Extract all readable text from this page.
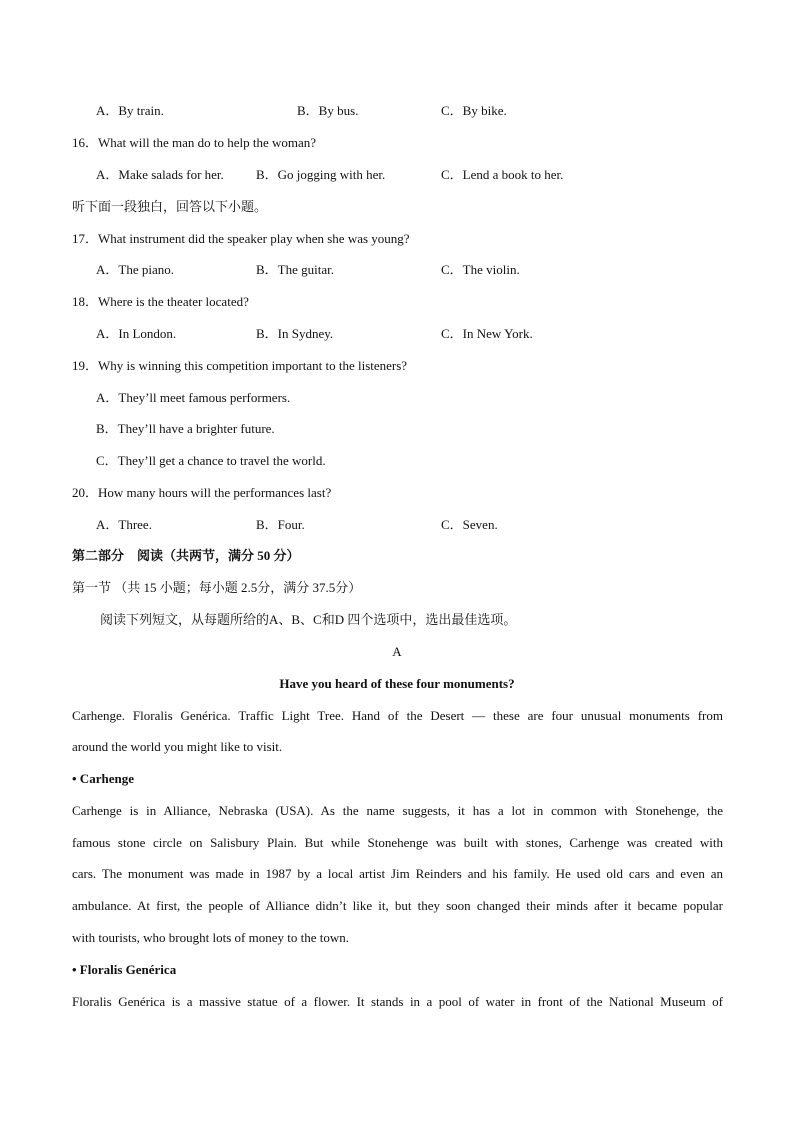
A．By train.	B．By bus.	C．By bike.
16．What will the man do to help the woman?
A．Make salads for her. B．Go jogging with her.	C．Lend a book to her.
听下面一段独白，回答以下小题。
17．What instrument did the speaker play when she was young?
A．The piano.	B．The guitar.	C．The violin.
18．Where is the theater located?
A．In London.	B．In Sydney.	C．In New York.
19．Why is winning this competition important to the listeners?
A．They’ll meet famous performers.
B．They’ll have a brighter future.
C．They’ll get a chance to travel the world.
20．How many hours will the performances last?
A．Three.	B．Four.	C．Seven.
第二部分　阅读（共两节，满分 50 分）
第一节 （共 15 小题；每小题 2.5分，满分 37.5分）
阅读下列短文，从每题所给的A、B、C和D 四个选项中，选出最佳选项。
A
Have you heard of these four monuments?
Carhenge. Floralis Genérica. Traffic Light Tree. Hand of the Desert — these are four unusual monuments from
around the world you might like to visit.
• Carhenge
Carhenge is in Alliance, Nebraska (USA). As the name suggests, it has a lot in common with Stonehenge, the
famous stone circle on Salisbury Plain. But while Stonehenge was built with stones, Carhenge was created with
cars. The monument was made in 1987 by a local artist Jim Reinders and his family. He used old cars and even an
ambulance. At first, the people of Alliance didn’t like it, but they soon changed their minds after it became popular
with tourists, who brought lots of money to the town.
• Floralis Genérica
Floralis Genérica is a massive statue of a flower. It stands in a pool of water in front of the National Museum of
